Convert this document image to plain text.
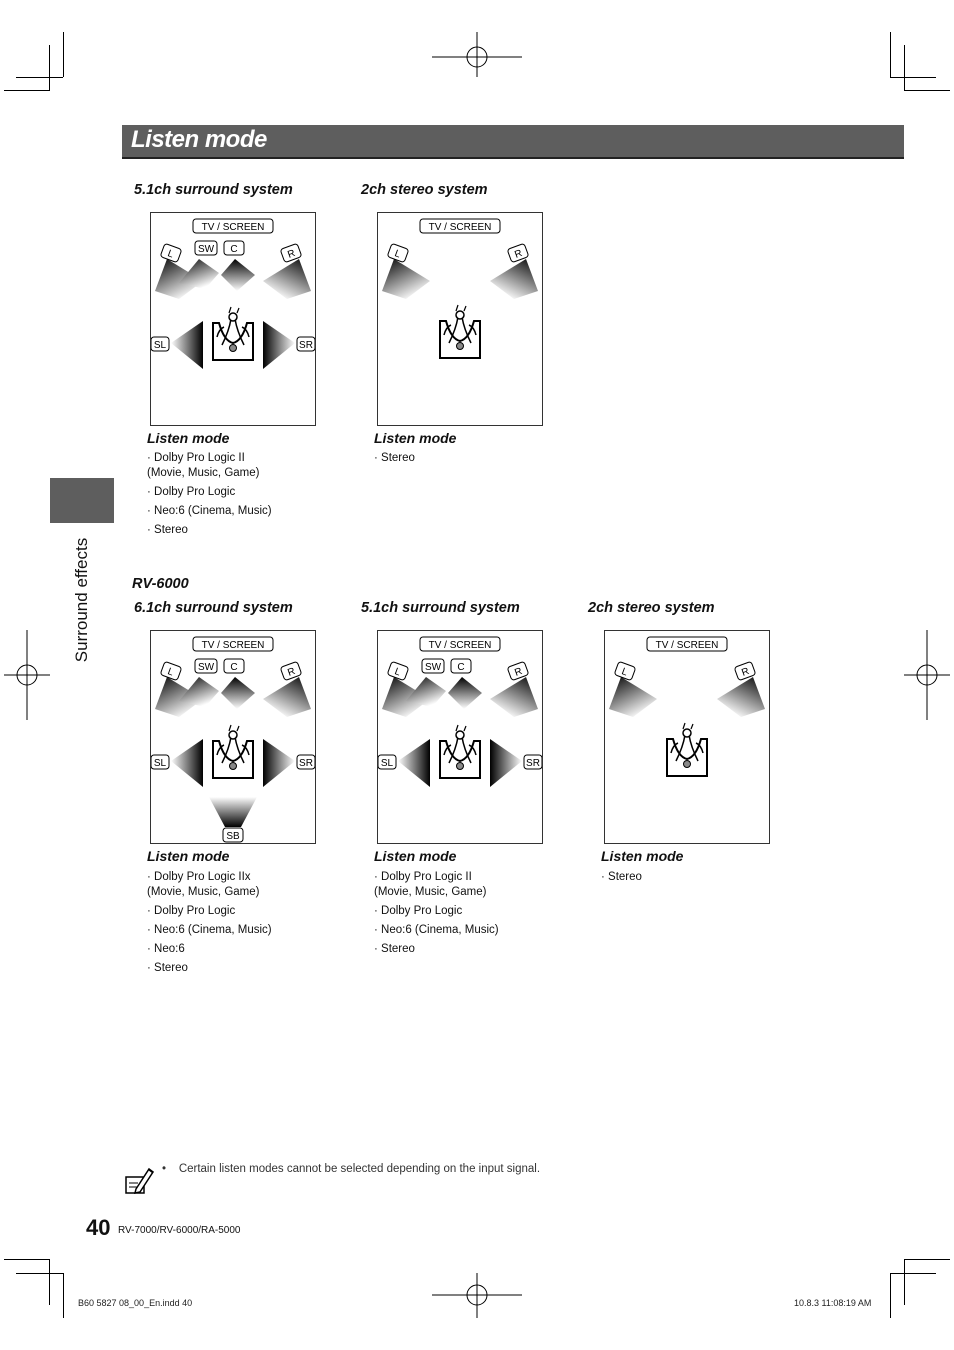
Listen mode
Surround effects
5.1ch surround system	2ch stereo system
TV / SCREEN
L	R
SW C
SL	SR
TV / SCREEN
L	R
Listen mode
· Dolby Pro Logic II
(Movie, Music, Game)
· Dolby Pro Logic
· Neo:6 (Cinema, Music)
· Stereo
Listen mode
· Stereo
RV-6000
6.1ch surround system	5.1ch surround system	2ch stereo system
TV / SCREEN
L	R
SW C
SL	SR
SB
TV / SCREEN
L	R
SW C
SL	SR
TV / SCREEN
L	R
Listen mode
· Dolby Pro Logic IIx
(Movie, Music, Game)
· Dolby Pro Logic
· Neo:6 (Cinema, Music)
· Neo:6
· Stereo
Listen mode
· Dolby Pro Logic II
(Movie, Music, Game)
· Dolby Pro Logic
· Neo:6 (Cinema, Music)
· Stereo
Listen mode
· Stereo
•    Certain listen modes cannot be selected depending on the input signal.
40 RV-7000/RV-6000/RA-5000
B60 5827 08_00_En.indd 40	10.8.3 11:08:19 AM
